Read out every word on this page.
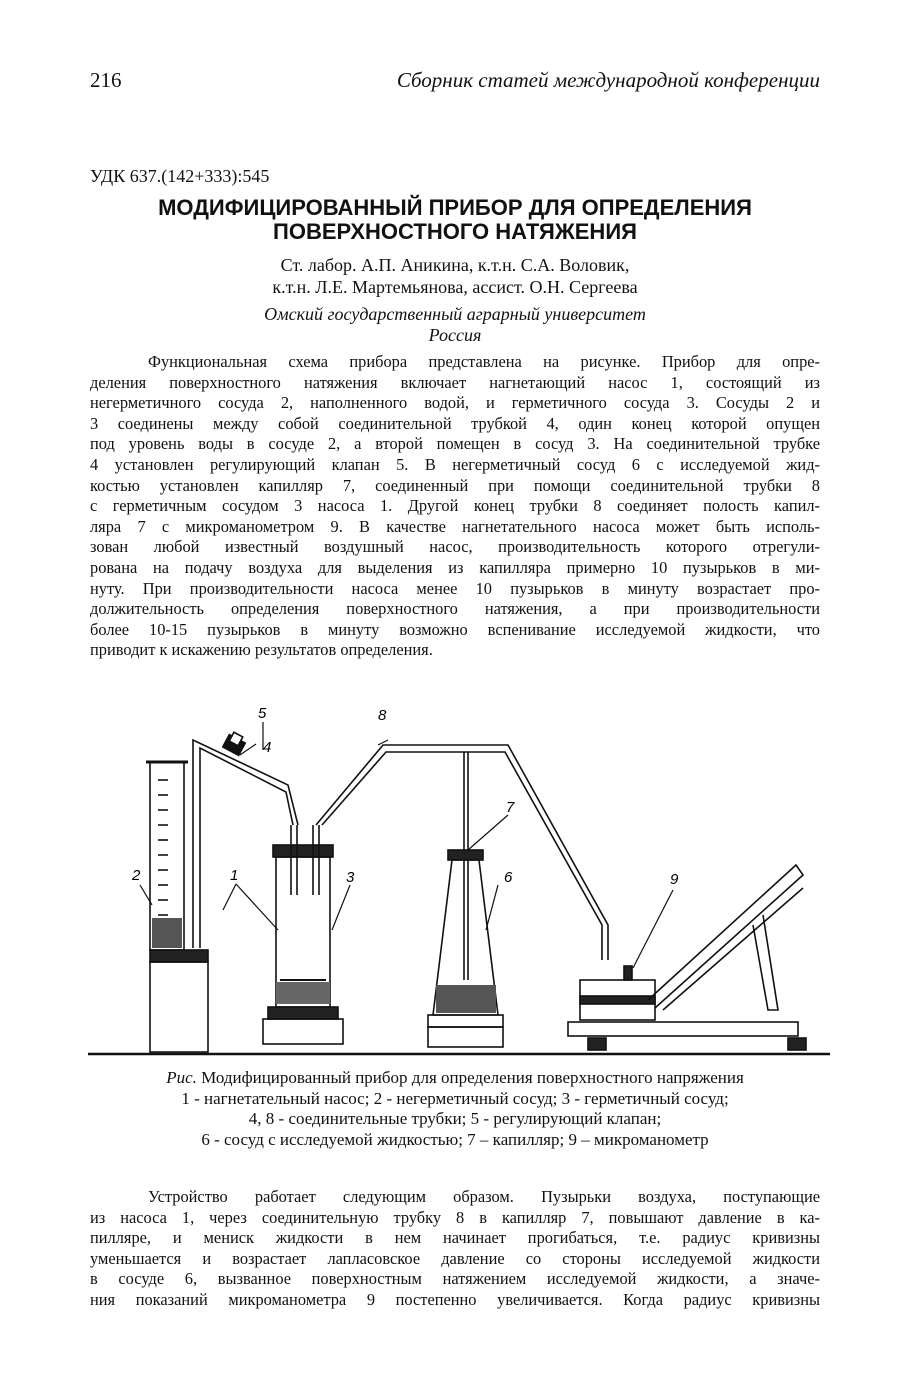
216	Сборник статей международной конференции
УДК 637.(142+333):545
МОДИФИЦИРОВАННЫЙ ПРИБОР ДЛЯ ОПРЕДЕЛЕНИЯ
ПОВЕРХНОСТНОГО НАТЯЖЕНИЯ
Ст. лабор. А.П. Аникина, к.т.н. С.А. Воловик,
к.т.н. Л.Е. Мартемьянова, ассист. О.Н. Сергеева
Омский государственный аграрный университет
Россия
Функциональная схема прибора представлена на рисунке. Прибор для опре-
деления поверхностного натяжения включает нагнетающий насос 1, состоящий из
негерметичного сосуда 2, наполненного водой, и герметичного сосуда 3. Сосуды 2 и
3 соединены между собой соединительной трубкой 4, один конец которой опущен
под уровень воды в сосуде 2, а второй помещен в сосуд 3. На соединительной трубке
4 установлен регулирующий клапан 5. В негерметичный сосуд 6 с исследуемой жид-
костью установлен капилляр 7, соединенный при помощи соединительной трубки 8
с герметичным сосудом 3 насоса 1. Другой конец трубки 8 соединяет полость капил-
ляра 7 с микроманометром 9. В качестве нагнетательного насоса может быть исполь-
зован любой известный воздушный насос, производительность которого отрегули-
рована на подачу воздуха для выделения из капилляра примерно 10 пузырьков в ми-
нуту. При производительности насоса менее 10 пузырьков в минуту возрастает про-
должительность определения поверхностного натяжения, а при производительности
более 10-15 пузырьков в минуту возможно вспенивание исследуемой жидкости, что
приводит к искажению результатов определения.
5
4
8
7
2	1	3	6	9
Рис. Модифицированный прибор для определения поверхностного напряжения
1 - нагнетательный насос; 2 - негерметичный сосуд; 3 - герметичный сосуд;
4, 8 - соединительные трубки; 5 - регулирующий клапан;
6 - сосуд с исследуемой жидкостью; 7 – капилляр; 9 – микроманометр
Устройство работает следующим образом. Пузырьки воздуха, поступающие
из насоса 1, через соединительную трубку 8 в капилляр 7, повышают давление в ка-
пилляре, и мениск жидкости в нем начинает прогибаться, т.е. радиус кривизны
уменьшается и возрастает лапласовское давление со стороны исследуемой жидкости
в сосуде 6, вызванное поверхностным натяжением исследуемой жидкости, а значе-
ния показаний микроманометра 9 постепенно увеличивается. Когда радиус кривизны
